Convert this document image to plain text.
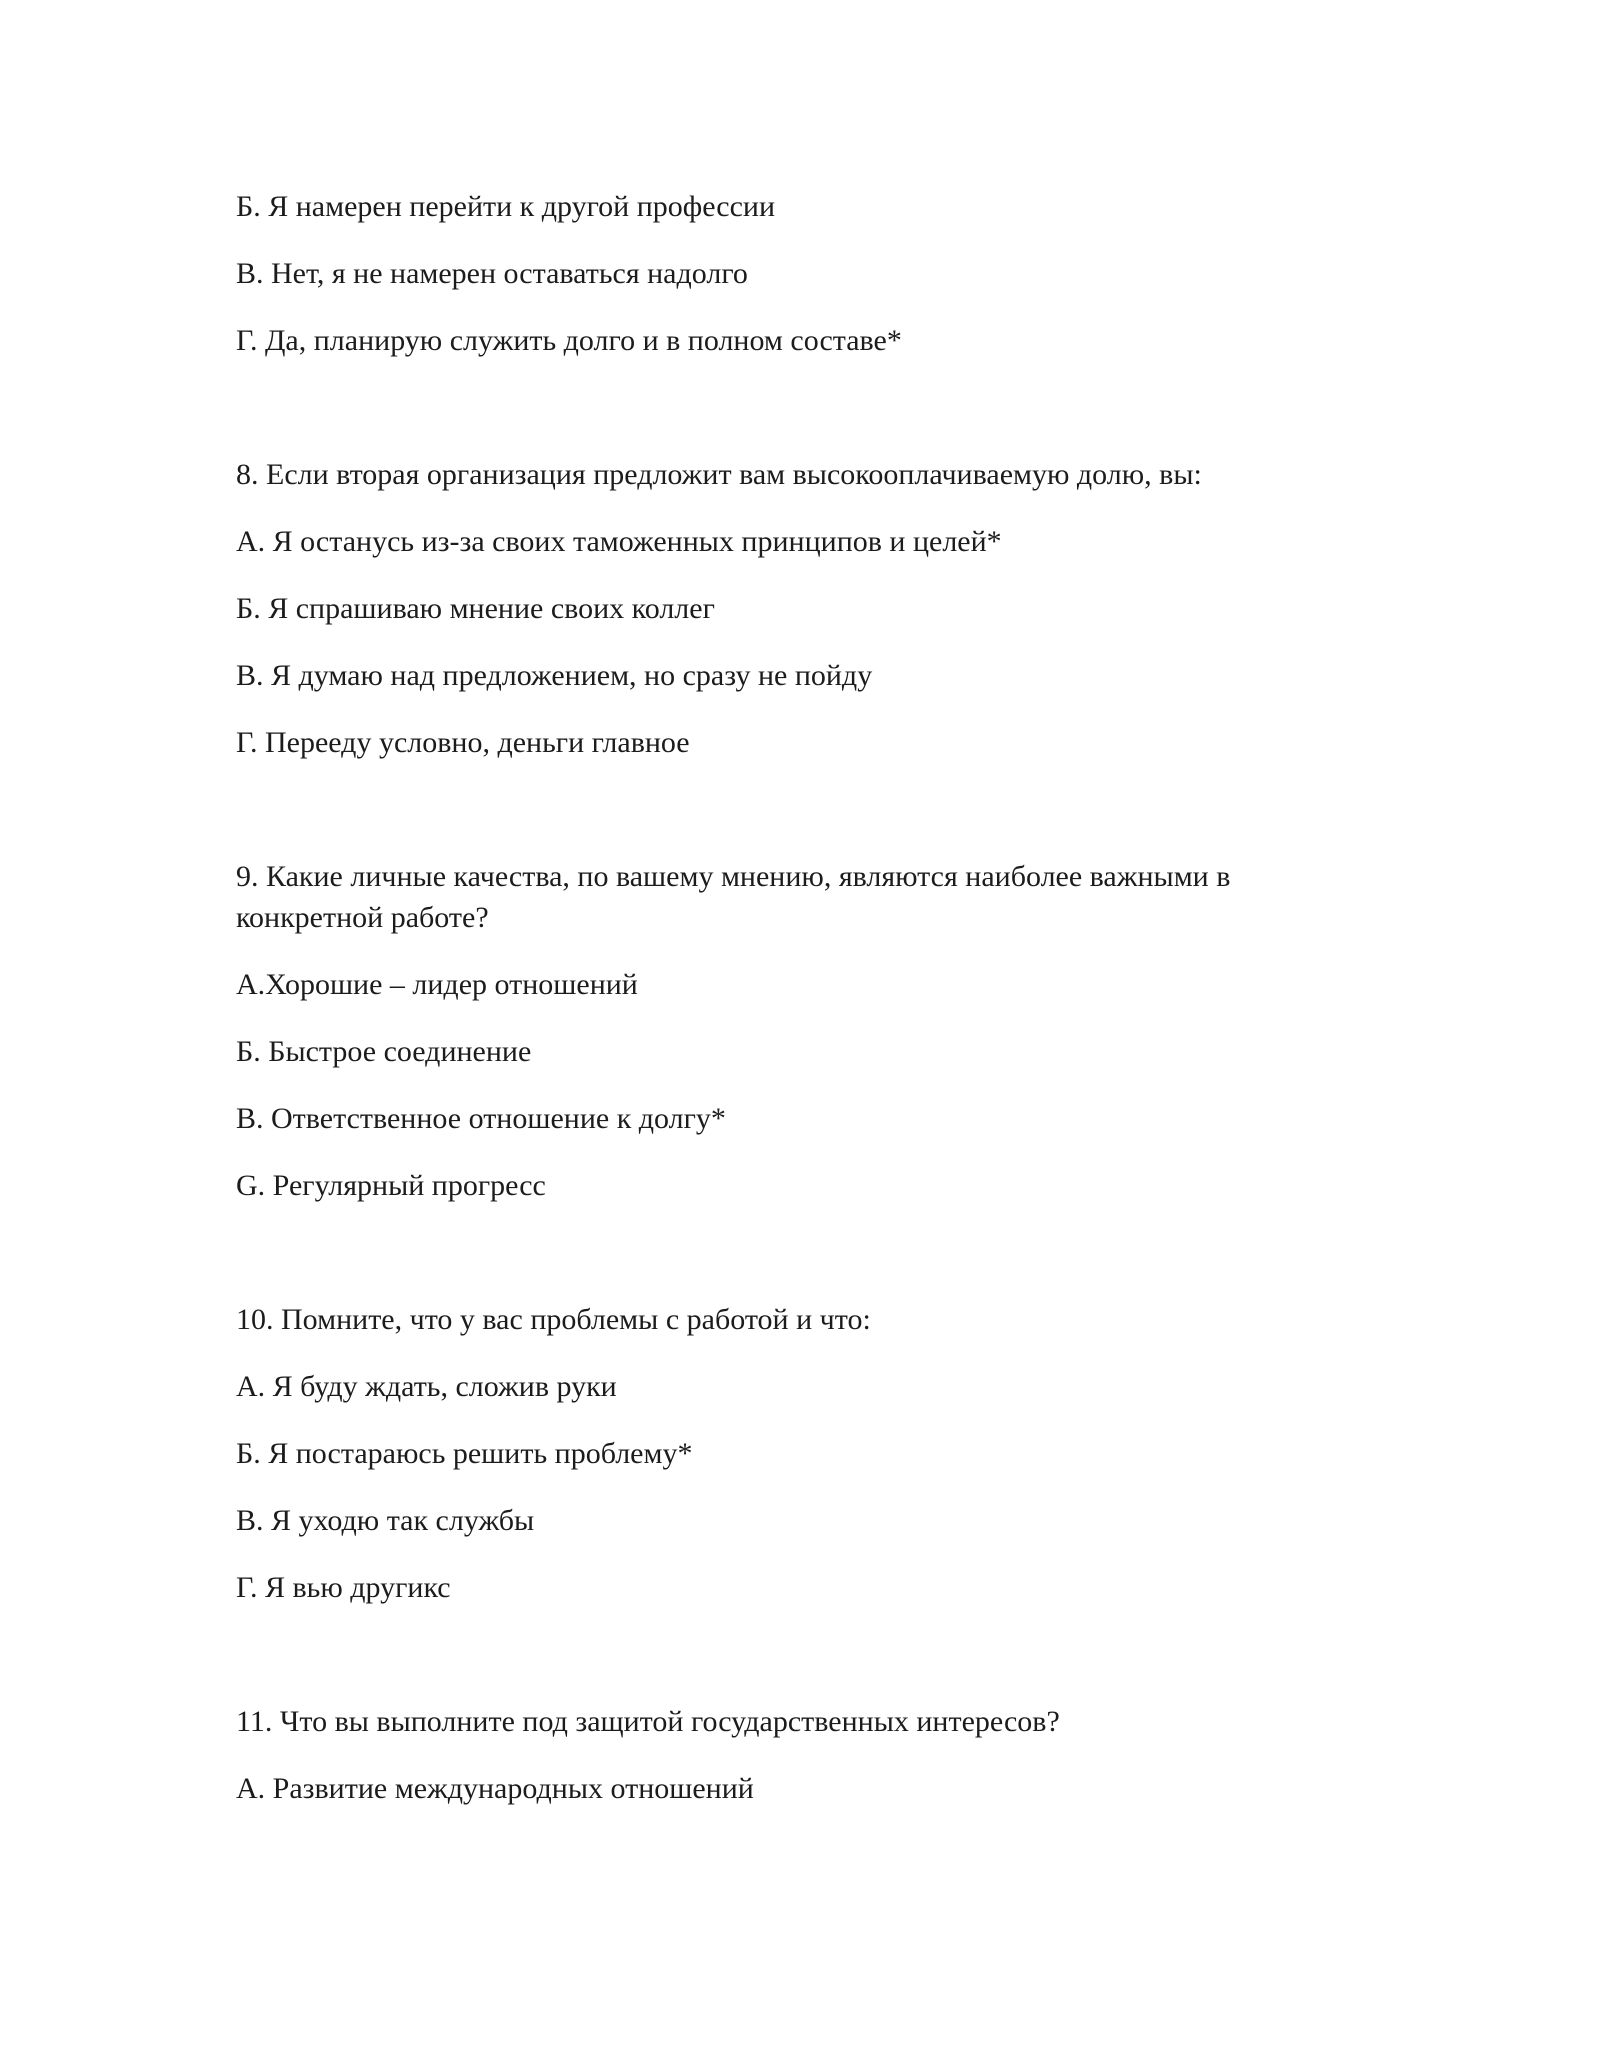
Б. Я намерен перейти к другой профессии

В. Нет, я не намерен оставаться надолго

Г. Да, планирую служить долго и в полном составе*

8. Если вторая организация предложит вам высокооплачиваемую долю, вы:

А. Я останусь из-за своих таможенных принципов и целей*

Б. Я спрашиваю мнение своих коллег

В. Я думаю над предложением, но сразу не пойду

Г. Перееду условно, деньги главное

9. Какие личные качества, по вашему мнению, являются наиболее важными в конкретной работе?

А.Хорошие – лидер отношений

Б. Быстрое соединение

В. Ответственное отношение к долгу*

G. Регулярный прогресс

10. Помните, что у вас проблемы с работой и что:

А. Я буду ждать, сложив руки

Б. Я постараюсь решить проблему*

В. Я уходю так службы

Г. Я вью другикс

11. Что вы выполните под защитой государственных интересов?

А. Развитие международных отношений
